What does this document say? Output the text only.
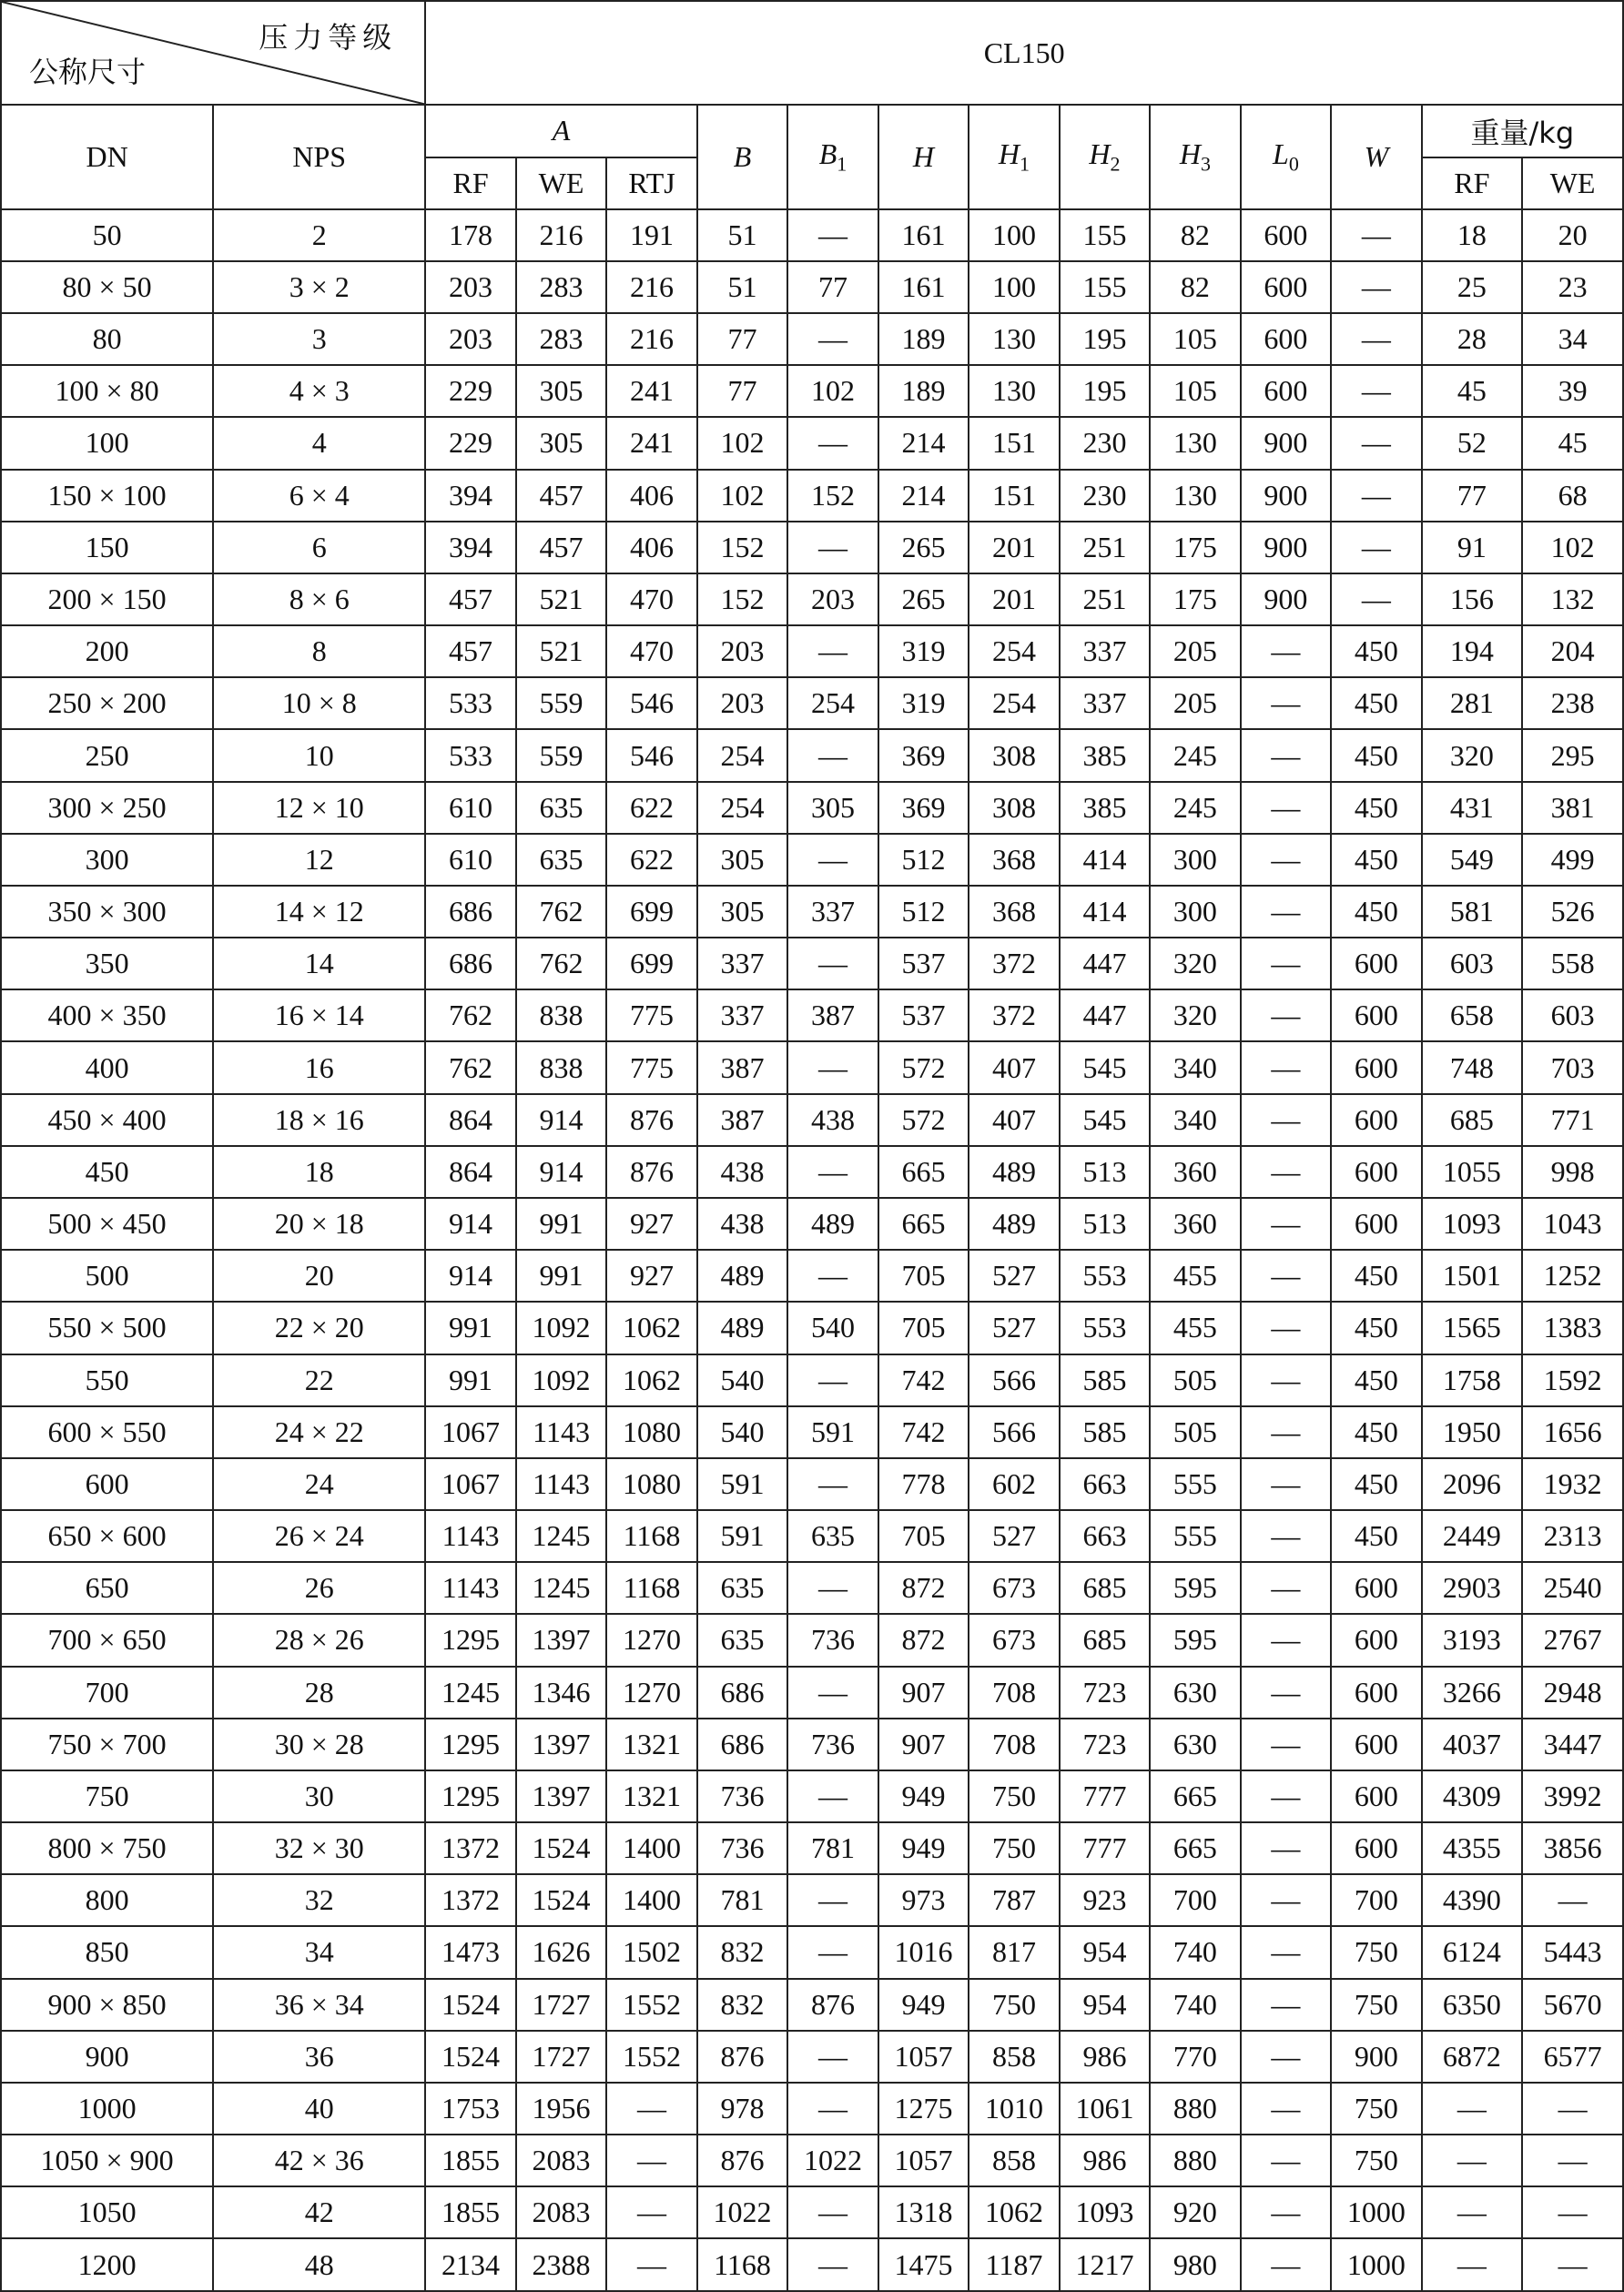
压力等级
公称尺寸		CL150												
DN	NPS	A			B	$B_1$	H	$H_1$	$H_2$	$H_3$	$L_0$	W	重量/kg	
		RF	WE	RTJ									RF	WE
50	2	178	216	191	51	—	161	100	155	82	600	—	18	20
80 × 50	3 × 2	203	283	216	51	77	161	100	155	82	600	—	25	23
80	3	203	283	216	77	—	189	130	195	105	600	—	28	34
100 × 80	4 × 3	229	305	241	77	102	189	130	195	105	600	—	45	39
100	4	229	305	241	102	—	214	151	230	130	900	—	52	45
150 × 100	6 × 4	394	457	406	102	152	214	151	230	130	900	—	77	68
150	6	394	457	406	152	—	265	201	251	175	900	—	91	102
200 × 150	8 × 6	457	521	470	152	203	265	201	251	175	900	—	156	132
200	8	457	521	470	203	—	319	254	337	205	—	450	194	204
250 × 200	10 × 8	533	559	546	203	254	319	254	337	205	—	450	281	238
250	10	533	559	546	254	—	369	308	385	245	—	450	320	295
300 × 250	12 × 10	610	635	622	254	305	369	308	385	245	—	450	431	381
300	12	610	635	622	305	—	512	368	414	300	—	450	549	499
350 × 300	14 × 12	686	762	699	305	337	512	368	414	300	—	450	581	526
350	14	686	762	699	337	—	537	372	447	320	—	600	603	558
400 × 350	16 × 14	762	838	775	337	387	537	372	447	320	—	600	658	603
400	16	762	838	775	387	—	572	407	545	340	—	600	748	703
450 × 400	18 × 16	864	914	876	387	438	572	407	545	340	—	600	685	771
450	18	864	914	876	438	—	665	489	513	360	—	600	1055	998
500 × 450	20 × 18	914	991	927	438	489	665	489	513	360	—	600	1093	1043
500	20	914	991	927	489	—	705	527	553	455	—	450	1501	1252
550 × 500	22 × 20	991	1092	1062	489	540	705	527	553	455	—	450	1565	1383
550	22	991	1092	1062	540	—	742	566	585	505	—	450	1758	1592
600 × 550	24 × 22	1067	1143	1080	540	591	742	566	585	505	—	450	1950	1656
600	24	1067	1143	1080	591	—	778	602	663	555	—	450	2096	1932
650 × 600	26 × 24	1143	1245	1168	591	635	705	527	663	555	—	450	2449	2313
650	26	1143	1245	1168	635	—	872	673	685	595	—	600	2903	2540
700 × 650	28 × 26	1295	1397	1270	635	736	872	673	685	595	—	600	3193	2767
700	28	1245	1346	1270	686	—	907	708	723	630	—	600	3266	2948
750 × 700	30 × 28	1295	1397	1321	686	736	907	708	723	630	—	600	4037	3447
750	30	1295	1397	1321	736	—	949	750	777	665	—	600	4309	3992
800 × 750	32 × 30	1372	1524	1400	736	781	949	750	777	665	—	600	4355	3856
800	32	1372	1524	1400	781	—	973	787	923	700	—	700	4390	—
850	34	1473	1626	1502	832	—	1016	817	954	740	—	750	6124	5443
900 × 850	36 × 34	1524	1727	1552	832	876	949	750	954	740	—	750	6350	5670
900	36	1524	1727	1552	876	—	1057	858	986	770	—	900	6872	6577
1000	40	1753	1956	—	978	—	1275	1010	1061	880	—	750	—	—
1050 × 900	42 × 36	1855	2083	—	876	1022	1057	858	986	880	—	750	—	—
1050	42	1855	2083	—	1022	—	1318	1062	1093	920	—	1000	—	—
1200	48	2134	2388	—	1168	—	1475	1187	1217	980	—	1000	—	—
